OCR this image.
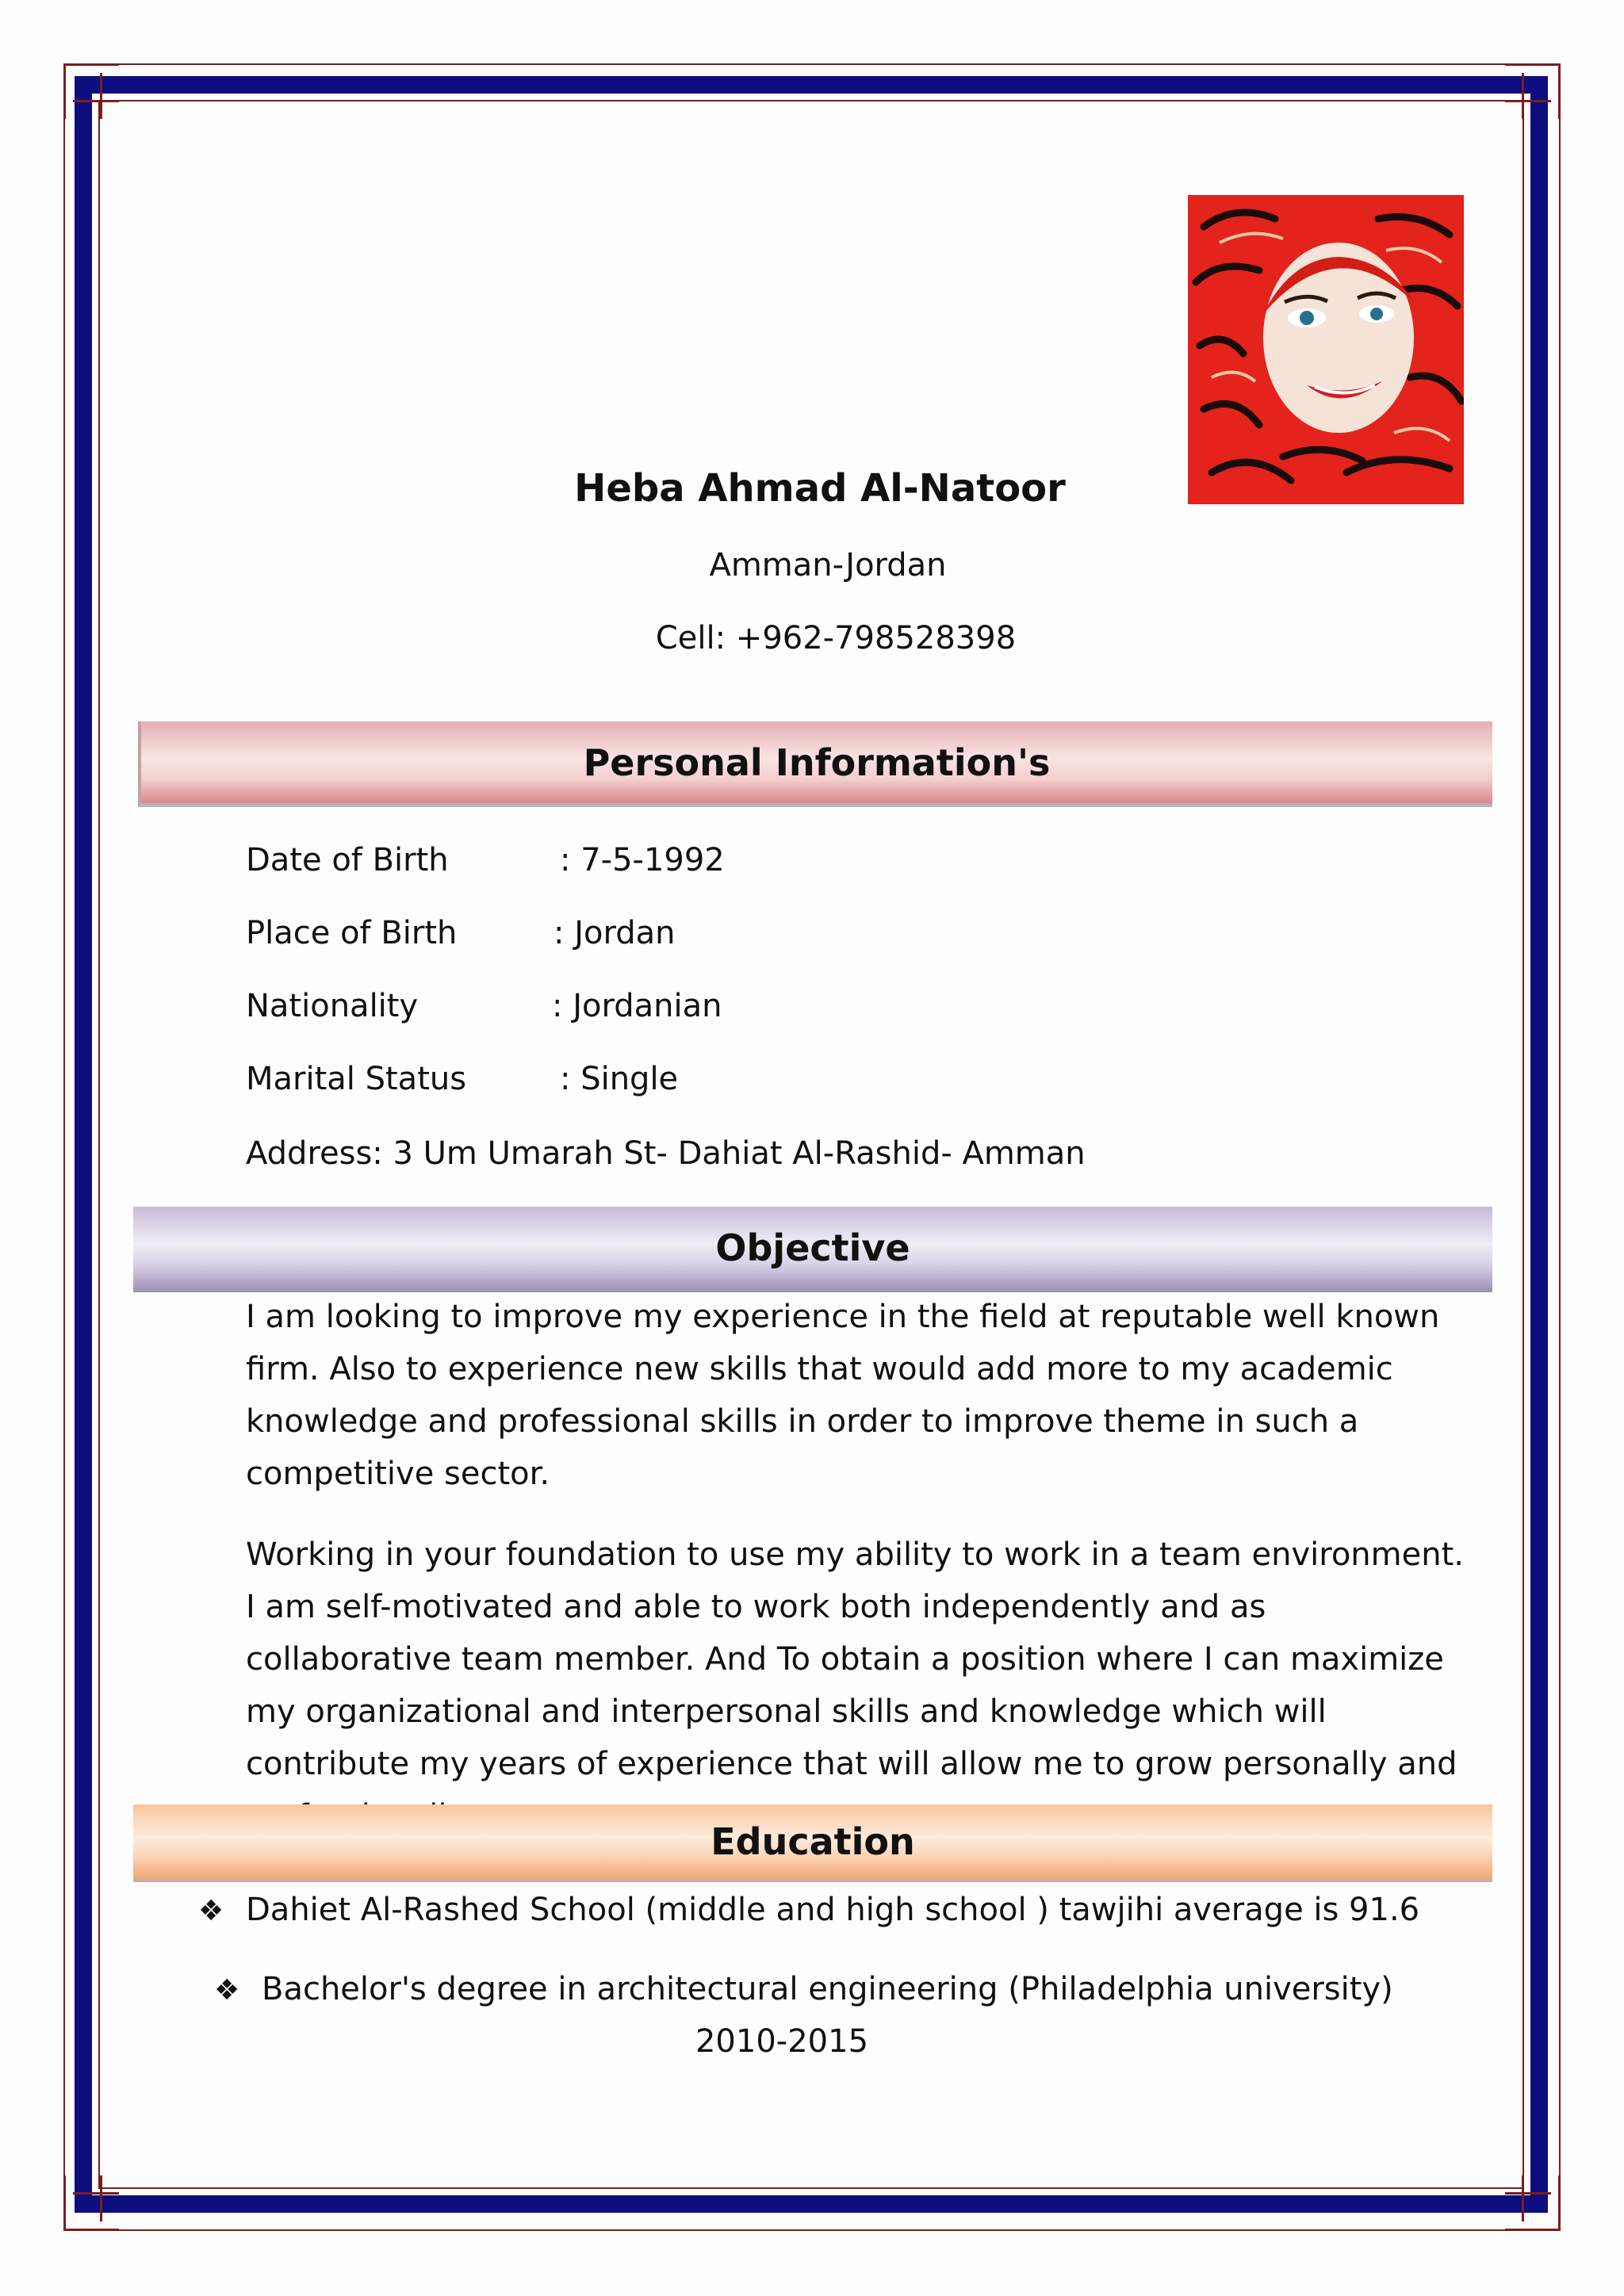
Heba Ahmad Al-Natoor
Amman-Jordan
Cell: +962-798528398
Personal Information's
Date of Birth	: 7-5-1992
Place of Birth	: Jordan
Nationality	: Jordanian
Marital Status	: Single
Address: 3 Um Umarah St- Dahiat Al-Rashid- Amman
Objective
I am looking to improve my experience in the field at reputable well known firm. Also to experience new skills that would add more to my academic knowledge and professional skills in order to improve theme in such a competitive sector.
Working in your foundation to use my ability to work in a team environment. I am self-motivated and able to work both independently and as collaborative team member. And To obtain a position where I can maximize my organizational and interpersonal skills and knowledge which will contribute my years of experience that will allow me to grow personally and
Education
❖ Dahiet Al-Rashed School (middle and high school ) tawjihi average is 91.6
❖ Bachelor's degree in architectural engineering (Philadelphia university)
2010-2015
